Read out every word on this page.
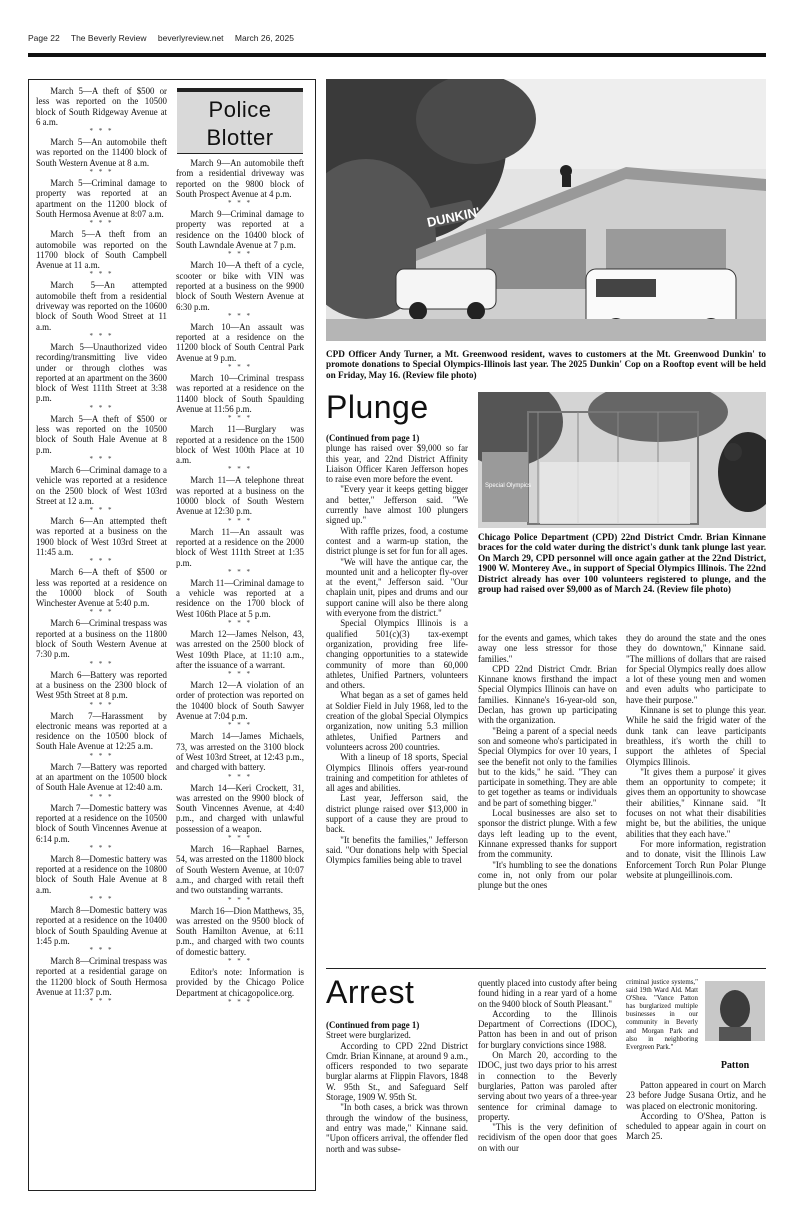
Page 22 The Beverly Review beverlyreview.net March 26, 2025
Police
Blotter

March 5—A theft of $500 or less was reported on the 10500 block of South Ridgeway Avenue at 6 a.m.

* * *

March 5—An automobile theft was reported on the 11400 block of South Western Avenue at 8 a.m.

* * *

March 5—Criminal damage to property was reported at an apartment on the 11200 block of South Hermosa Avenue at 8:07 a.m.

* * *

March 5—A theft from an automobile was reported on the 11700 block of South Campbell Avenue at 11 a.m.

* * *

March 5—An attempted automobile theft from a residential driveway was reported on the 10600 block of South Wood Street at 11 a.m.

* * *

March 5—Unauthorized video recording/transmitting live video under or through clothes was reported at an apartment on the 3600 block of West 111th Street at 3:38 p.m.

* * *

March 5—A theft of $500 or less was reported on the 10500 block of South Hale Avenue at 8 p.m.

* * *

March 6—Criminal damage to a vehicle was reported at a residence on the 2500 block of West 103rd Street at 12 a.m.

* * *

March 6—An attempted theft was reported at a business on the 1900 block of West 103rd Street at 11:45 a.m.

* * *

March 6—A theft of $500 or less was reported at a residence on the 10000 block of South Winchester Avenue at 5:40 p.m.

* * *

March 6—Criminal trespass was reported at a business on the 11800 block of South Western Avenue at 7:30 p.m.

* * *

March 6—Battery was reported at a business on the 2300 block of West 95th Street at 8 p.m.

* * *

March 7—Harassment by electronic means was reported at a residence on the 10500 block of South Hale Avenue at 12:25 a.m.

* * *

March 7—Battery was reported at an apartment on the 10500 block of South Hale Avenue at 12:40 a.m.

* * *

March 7—Domestic battery was reported at a residence on the 10500 block of South Vincennes Avenue at 6:14 p.m.

* * *

March 8—Domestic battery was reported at a residence on the 10800 block of South Hale Avenue at 8 a.m.

* * *

March 8—Domestic battery was reported at a residence on the 10400 block of South Spaulding Avenue at 1:45 p.m.

* * *

March 8—Criminal trespass was reported at a residential garage on the 11200 block of South Hermosa Avenue at 11:37 p.m.

* * *

March 9—An automobile theft from a residential driveway was reported on the 9800 block of South Prospect Avenue at 4 p.m.

* * *

March 9—Criminal damage to property was reported at a residence on the 10400 block of South Lawndale Avenue at 7 p.m.

* * *

March 10—A theft of a cycle, scooter or bike with VIN was reported at a business on the 9900 block of South Western Avenue at 6:30 p.m.

* * *

March 10—An assault was reported at a residence on the 11200 block of South Central Park Avenue at 9 p.m.

* * *

March 10—Criminal trespass was reported at a residence on the 11400 block of South Spaulding Avenue at 11:56 p.m.

* * *

March 11—Burglary was reported at a residence on the 1500 block of West 100th Place at 10 a.m.

* * *

March 11—A telephone threat was reported at a business on the 10000 block of South Western Avenue at 12:30 p.m.

* * *

March 11—An assault was reported at a residence on the 2000 block of West 111th Street at 1:35 p.m.

* * *

March 11—Criminal damage to a vehicle was reported at a residence on the 1700 block of West 106th Place at 5 p.m.

* * *

March 12—James Nelson, 43, was arrested on the 2500 block of West 109th Place, at 11:10 a.m., after the issuance of a warrant.

* * *

March 12—A violation of an order of protection was reported on the 10400 block of South Sawyer Avenue at 7:04 p.m.

* * *

March 14—James Michaels, 73, was arrested on the 3100 block of West 103rd Street, at 12:43 p.m., and charged with battery.

* * *

March 14—Keri Crockett, 31, was arrested on the 9900 block of South Vincennes Avenue, at 4:40 p.m., and charged with unlawful possession of a weapon.

* * *

March 16—Raphael Barnes, 54, was arrested on the 11800 block of South Western Avenue, at 10:07 a.m., and charged with retail theft and two outstanding warrants.

* * *

March 16—Dion Matthews, 35, was arrested on the 9500 block of South Hamilton Avenue, at 6:11 p.m., and charged with two counts of domestic battery.

* * *

Editor's note: Information is provided by the Chicago Police Department at chicagopolice.org.

* * *
DUNKIN'
CPD Officer Andy Turner, a Mt. Greenwood resident, waves to customers at the Mt. Greenwood Dunkin' to promote donations to Special Olympics-Illinois last year. The 2025 Dunkin' Cop on a Rooftop event will be held on Friday, May 16. (Review file photo)
Plunge
Special Olympics
Chicago Police Department (CPD) 22nd District Cmdr. Brian Kinnane braces for the cold water during the district's dunk tank plunge last year. On March 29, CPD personnel will once again gather at the 22nd District, 1900 W. Monterey Ave., in support of Special Olympics Illinois. The 22nd District already has over 100 volunteers registered to plunge, and the group had raised over $9,000 as of March 24. (Review file photo)

(Continued from page 1)
plunge has raised over $9,000 so far this year, and 22nd District Affinity Liaison Officer Karen Jefferson hopes to raise even more before the event.

"Every year it keeps getting bigger and better," Jefferson said. "We currently have almost 100 plungers signed up."

With raffle prizes, food, a costume contest and a warm-up station, the district plunge is set for fun for all ages.

"We will have the antique car, the mounted unit and a helicopter fly-over at the event," Jefferson said. "Our chaplain unit, pipes and drums and our support canine will also be there along with everyone from the district."

Special Olympics Illinois is a qualified 501(c)(3) tax-exempt organization, providing free life-changing opportunities to a statewide community of more than 60,000 athletes, Unified Partners, volunteers and others.

What began as a set of games held at Soldier Field in July 1968, led to the creation of the global Special Olympics organization, now uniting 5.3 million athletes, Unified Partners and volunteers across 200 countries.

With a lineup of 18 sports, Special Olympics Illinois offers year-round training and competition for athletes of all ages and abilities.

Last year, Jefferson said, the district plunge raised over $13,000 in support of a cause they are proud to back.

"It benefits the families," Jefferson said. "Our donations help with Special Olympics families being able to travel

for the events and games, which takes away one less stressor for those families."

CPD 22nd District Cmdr. Brian Kinnane knows firsthand the impact Special Olympics Illinois can have on families. Kinnane's 16-year-old son, Declan, has grown up participating with the organization.

"Being a parent of a special needs son and someone who's participated in Special Olympics for over 10 years, I see the benefit not only to the families but to the kids," he said. "They can participate in something. They are able to get together as teams or individuals and be part of something bigger."

Local businesses are also set to sponsor the district plunge. With a few days left leading up to the event, Kinnane expressed thanks for support from the community.

"It's humbling to see the donations come in, not only from our polar plunge but the ones

they do around the state and the ones they do downtown," Kinnane said. "The millions of dollars that are raised for Special Olympics really does allow a lot of these young men and women and even adults who participate to have their purpose."

Kinnane is set to plunge this year. While he said the frigid water of the dunk tank can leave participants breathless, it's worth the chill to support the athletes of Special Olympics Illinois.

"It gives them a purpose' it gives them an opportunity to compete; it gives them an opportunity to showcase their abilities," Kinnane said. "It focuses on not what their disabilities might be, but the abilities, the unique abilities that they each have."

For more information, registration and to donate, visit the Illinois Law Enforcement Torch Run Polar Plunge website at plungeillinois.com.

Arrest

(Continued from page 1)
Street were burglarized.

According to CPD 22nd District Cmdr. Brian Kinnane, at around 9 a.m., officers responded to two separate burglar alarms at Flippin Flavors, 1848 W. 95th St., and Safeguard Self Storage, 1909 W. 95th St.

"In both cases, a brick was thrown through the window of the business, and entry was made," Kinnane said. "Upon officers arrival, the offender fled north and was subse-

quently placed into custody after being found hiding in a rear yard of a home on the 9400 block of South Pleasant."

According to the Illinois Department of Corrections (IDOC), Patton has been in and out of prison for burglary convictions since 1988.

On March 20, according to the IDOC, just two days prior to his arrest in connection to the Beverly burglaries, Patton was paroled after serving about two years of a three-year sentence for criminal damage to property.

"This is the very definition of recidivism of the open door that goes on with our

criminal justice systems," said 19th Ward Ald. Matt O'Shea. "Vance Patton has burglarized multiple businesses in our community in Beverly and Morgan Park and also in neighboring Evergreen Park."

Patton

Patton appeared in court on March 23 before Judge Susana Ortiz, and he was placed on electronic monitoring.

According to O'Shea, Patton is scheduled to appear again in court on March 25.
